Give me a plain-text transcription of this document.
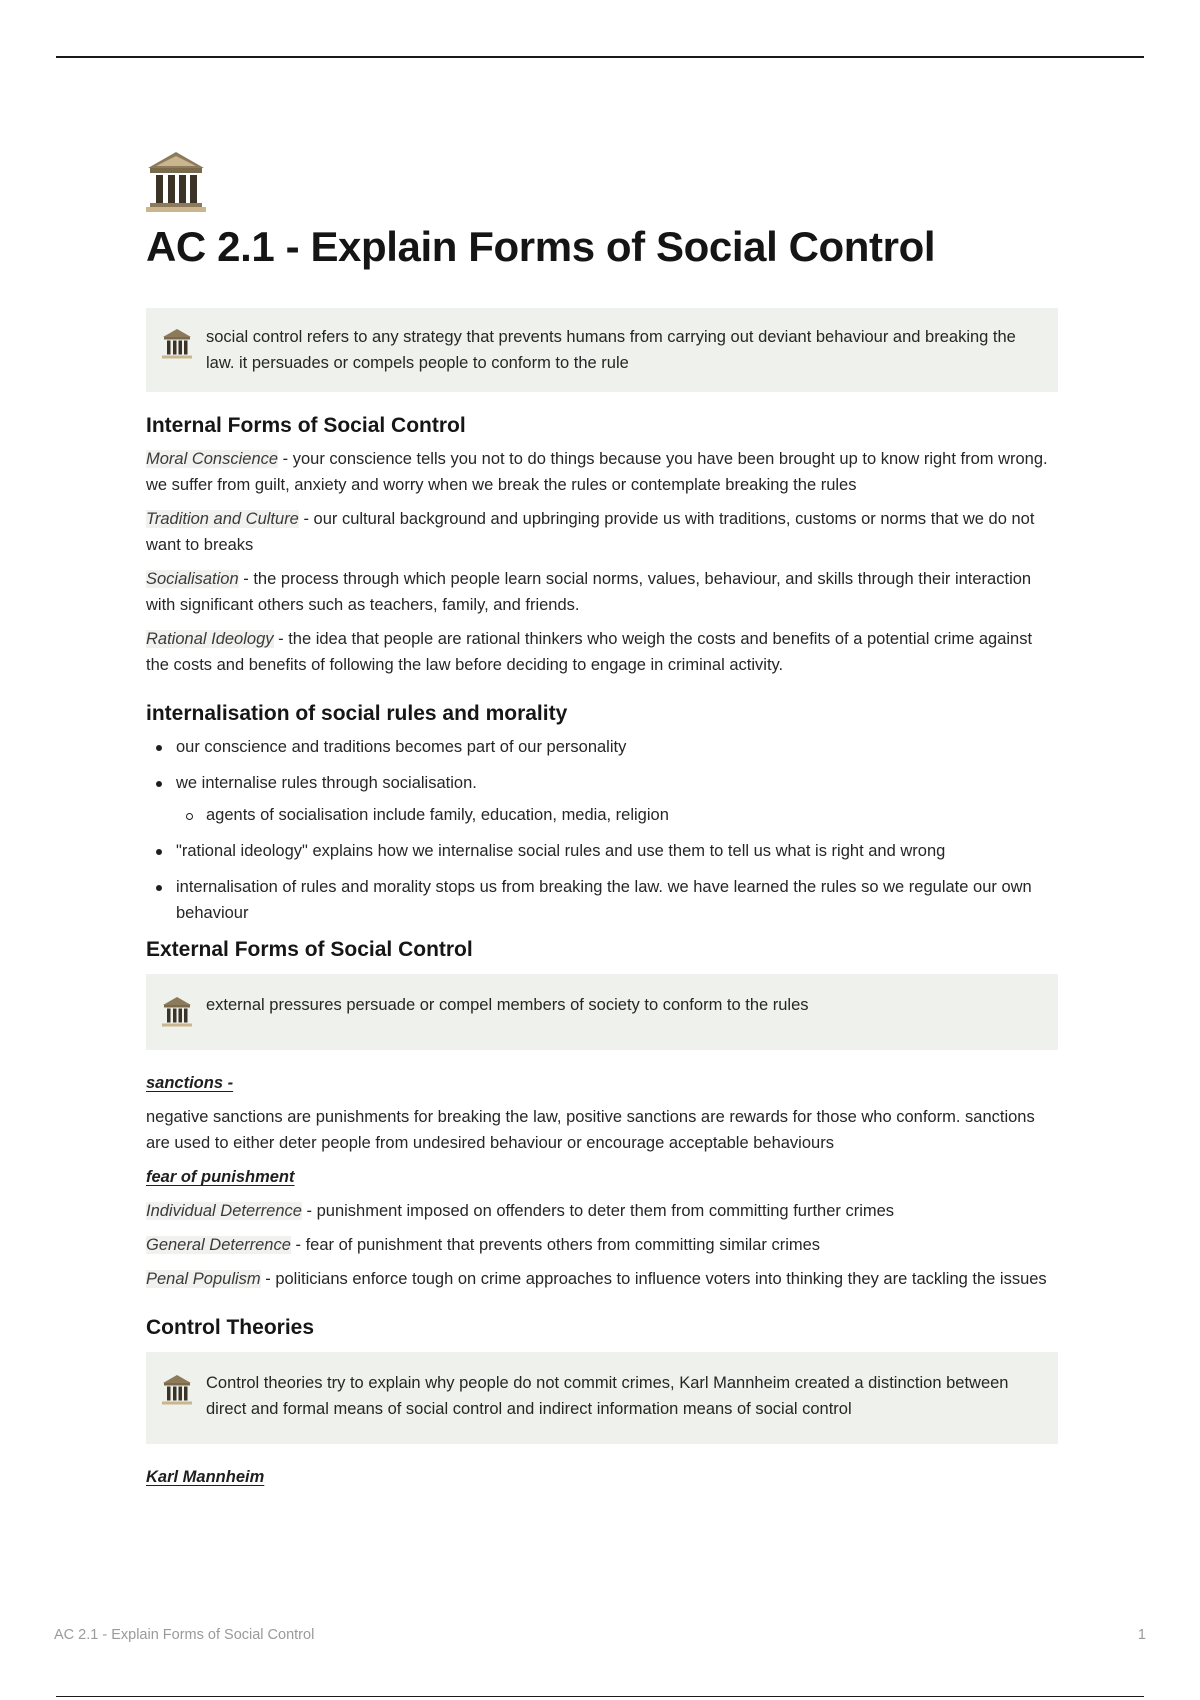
AC 2.1 - Explain Forms of Social Control
social control refers to any strategy that prevents humans from carrying out deviant behaviour and breaking the law. it persuades or compels people to conform to the rule
Internal Forms of Social Control

Moral Conscience - your conscience tells you not to do things because you have been brought up to know right from wrong. we suffer from guilt, anxiety and worry when we break the rules or contemplate breaking the rules

Tradition and Culture - our cultural background and upbringing provide us with traditions, customs or norms that we do not want to breaks

Socialisation - the process through which people learn social norms, values, behaviour, and skills through their interaction with significant others such as teachers, family, and friends.

Rational Ideology - the idea that people are rational thinkers who weigh the costs and benefits of a potential crime against the costs and benefits of following the law before deciding to engage in criminal activity.

internalisation of social rules and morality
our conscience and traditions becomes part of our personality
we internalise rules through socialisation.
agents of socialisation include family, education, media, religion
"rational ideology" explains how we internalise social rules and use them to tell us what is right and wrong
internalisation of rules and morality stops us from breaking the law. we have learned the rules so we regulate our own behaviour
External Forms of Social Control
external pressures persuade or compel members of society to conform to the rules

sanctions -

negative sanctions are punishments for breaking the law, positive sanctions are rewards for those who conform. sanctions are used to either deter people from undesired behaviour or encourage acceptable behaviours

fear of punishment

Individual Deterrence - punishment imposed on offenders to deter them from committing further crimes

General Deterrence - fear of punishment that prevents others from committing similar crimes

Penal Populism - politicians enforce tough on crime approaches to influence voters into thinking they are tackling the issues

Control Theories
Control theories try to explain why people do not commit crimes, Karl Mannheim created a distinction between direct and formal means of social control and indirect information means of social control

Karl Mannheim

AC 2.1 - Explain Forms of Social Control	1
